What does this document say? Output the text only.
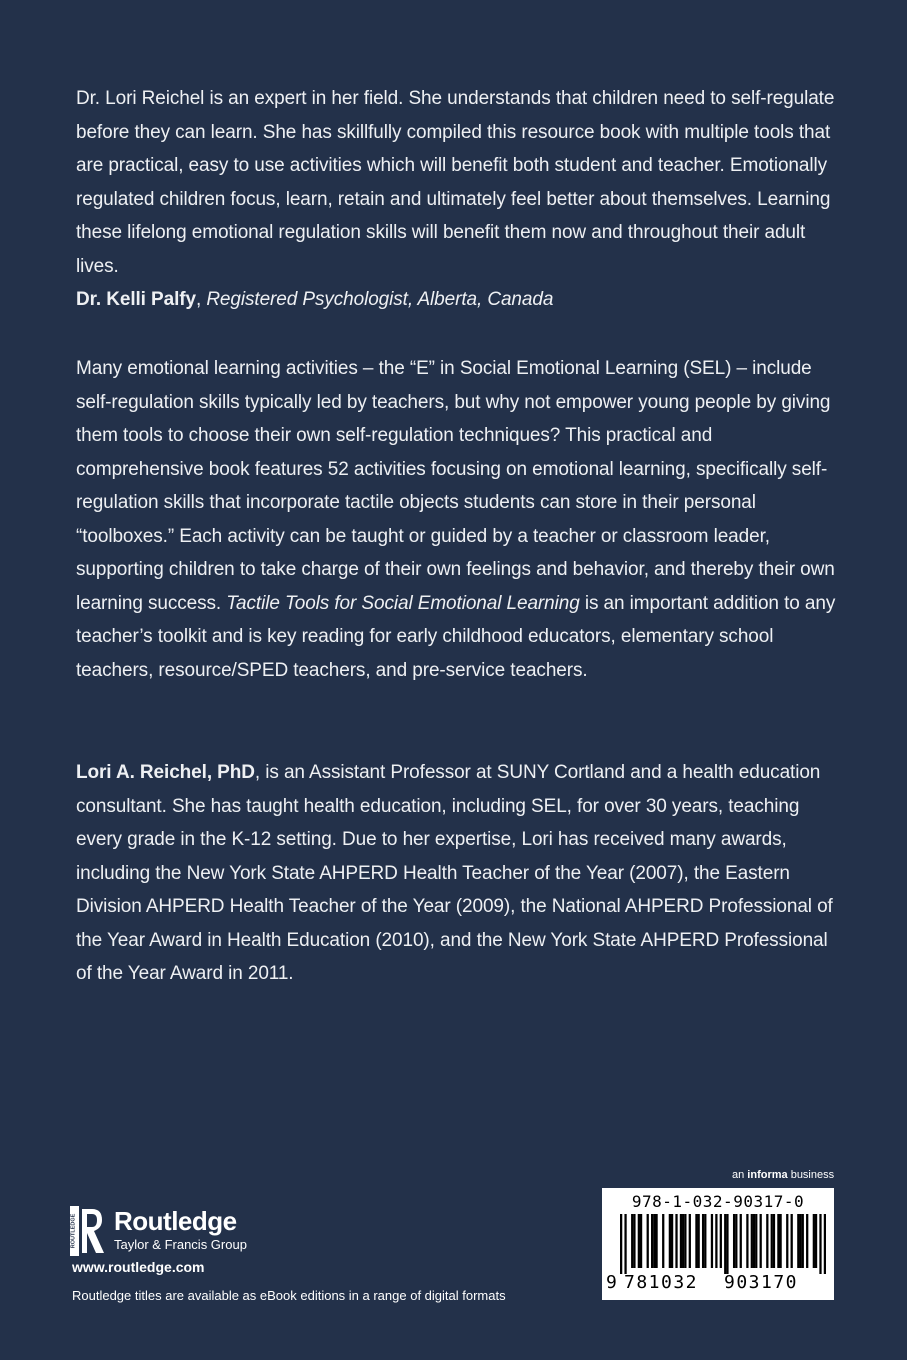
Dr. Lori Reichel is an expert in her field. She understands that children need to self-regulate before they can learn. She has skillfully compiled this resource book with multiple tools that are practical, easy to use activities which will benefit both student and teacher. Emotionally regulated children focus, learn, retain and ultimately feel better about themselves. Learning these lifelong emotional regulation skills will benefit them now and throughout their adult lives.
Dr. Kelli Palfy, Registered Psychologist, Alberta, Canada

Many emotional learning activities – the “E” in Social Emotional Learning (SEL) – include self-regulation skills typically led by teachers, but why not empower young people by giving them tools to choose their own self-regulation techniques? This practical and comprehensive book features 52 activities focusing on emotional learning, specifically self-regulation skills that incorporate tactile objects students can store in their personal “toolboxes.” Each activity can be taught or guided by a teacher or classroom leader, supporting children to take charge of their own feelings and behavior, and thereby their own learning success. Tactile Tools for Social Emotional Learning is an important addition to any teacher’s toolkit and is key reading for early childhood educators, elementary school teachers, resource/SPED teachers, and pre-service teachers.

Lori A. Reichel, PhD, is an Assistant Professor at SUNY Cortland and a health education consultant. She has taught health education, including SEL, for over 30 years, teaching every grade in the K-12 setting. Due to her expertise, Lori has received many awards, including the New York State AHPERD Health Teacher of the Year (2007), the Eastern Division AHPERD Health Teacher of the Year (2009), the National AHPERD Professional of the Year Award in Health Education (2010), and the New York State AHPERD Professional of the Year Award in 2011.

ROUTLEDGE Routledge
Taylor & Francis Group
www.routledge.com
Routledge titles are available as eBook editions in a range of digital formats
an informa business
978-1-032-90317-0
9 781032 903170
